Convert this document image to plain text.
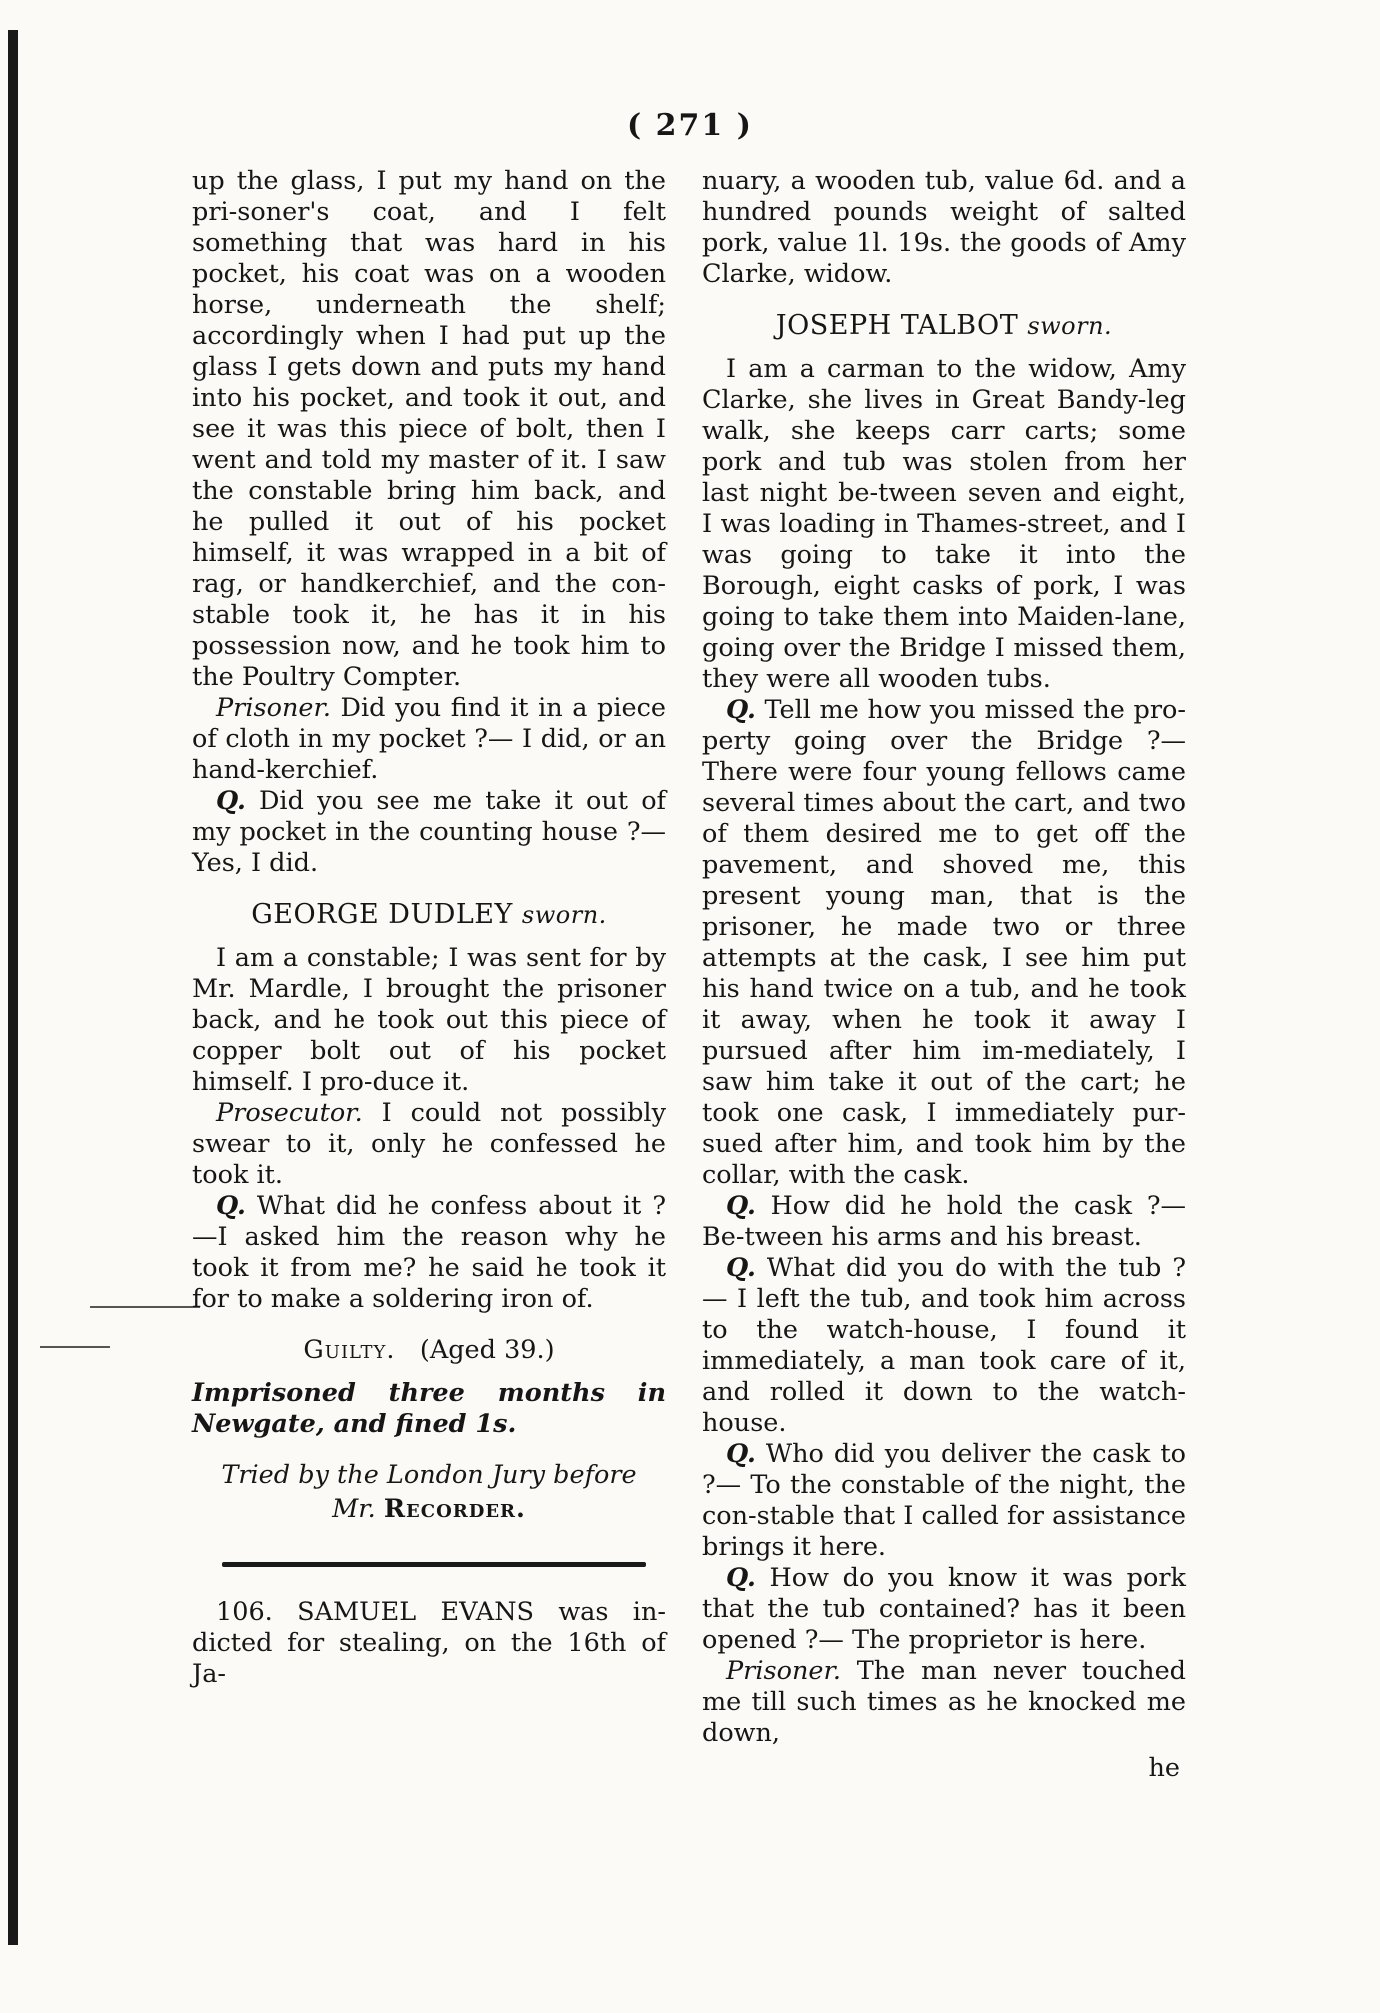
( 271 )

up the glass, I put my hand on the pri-soner's coat, and I felt something that was hard in his pocket, his coat was on a wooden horse, underneath the shelf; accordingly when I had put up the glass I gets down and puts my hand into his pocket, and took it out, and see it was this piece of bolt, then I went and told my master of it. I saw the constable bring him back, and he pulled it out of his pocket himself, it was wrapped in a bit of rag, or handkerchief, and the con-stable took it, he has it in his possession now, and he took him to the Poultry Compter.

Prisoner. Did you find it in a piece of cloth in my pocket ?— I did, or an hand-kerchief.

Q. Did you see me take it out of my pocket in the counting house ?— Yes, I did.

GEORGE DUDLEY sworn.

I am a constable; I was sent for by Mr. Mardle, I brought the prisoner back, and he took out this piece of copper bolt out of his pocket himself. I pro-duce it.

Prosecutor. I could not possibly swear to it, only he confessed he took it.

Q. What did he confess about it ?—I asked him the reason why he took it from me? he said he took it for to make a soldering iron of.

Guilty. (Aged 39.)

Imprisoned three months in Newgate, and fined 1s.

Tried by the London Jury before
Mr. Recorder.

106. SAMUEL EVANS was in-dicted for stealing, on the 16th of Ja-

nuary, a wooden tub, value 6d. and a hundred pounds weight of salted pork, value 1l. 19s. the goods of Amy Clarke, widow.

JOSEPH TALBOT sworn.

I am a carman to the widow, Amy Clarke, she lives in Great Bandy-leg walk, she keeps carr carts; some pork and tub was stolen from her last night be-tween seven and eight, I was loading in Thames-street, and I was going to take it into the Borough, eight casks of pork, I was going to take them into Maiden-lane, going over the Bridge I missed them, they were all wooden tubs.

Q. Tell me how you missed the pro-perty going over the Bridge ?— There were four young fellows came several times about the cart, and two of them desired me to get off the pavement, and shoved me, this present young man, that is the prisoner, he made two or three attempts at the cask, I see him put his hand twice on a tub, and he took it away, when he took it away I pursued after him im-mediately, I saw him take it out of the cart; he took one cask, I immediately pur-sued after him, and took him by the collar, with the cask.

Q. How did he hold the cask ?— Be-tween his arms and his breast.

Q. What did you do with the tub ?— I left the tub, and took him across to the watch-house, I found it immediately, a man took care of it, and rolled it down to the watch-house.

Q. Who did you deliver the cask to ?— To the constable of the night, the con-stable that I called for assistance brings it here.

Q. How do you know it was pork that the tub contained? has it been opened ?— The proprietor is here.

Prisoner. The man never touched me till such times as he knocked me down,

he
